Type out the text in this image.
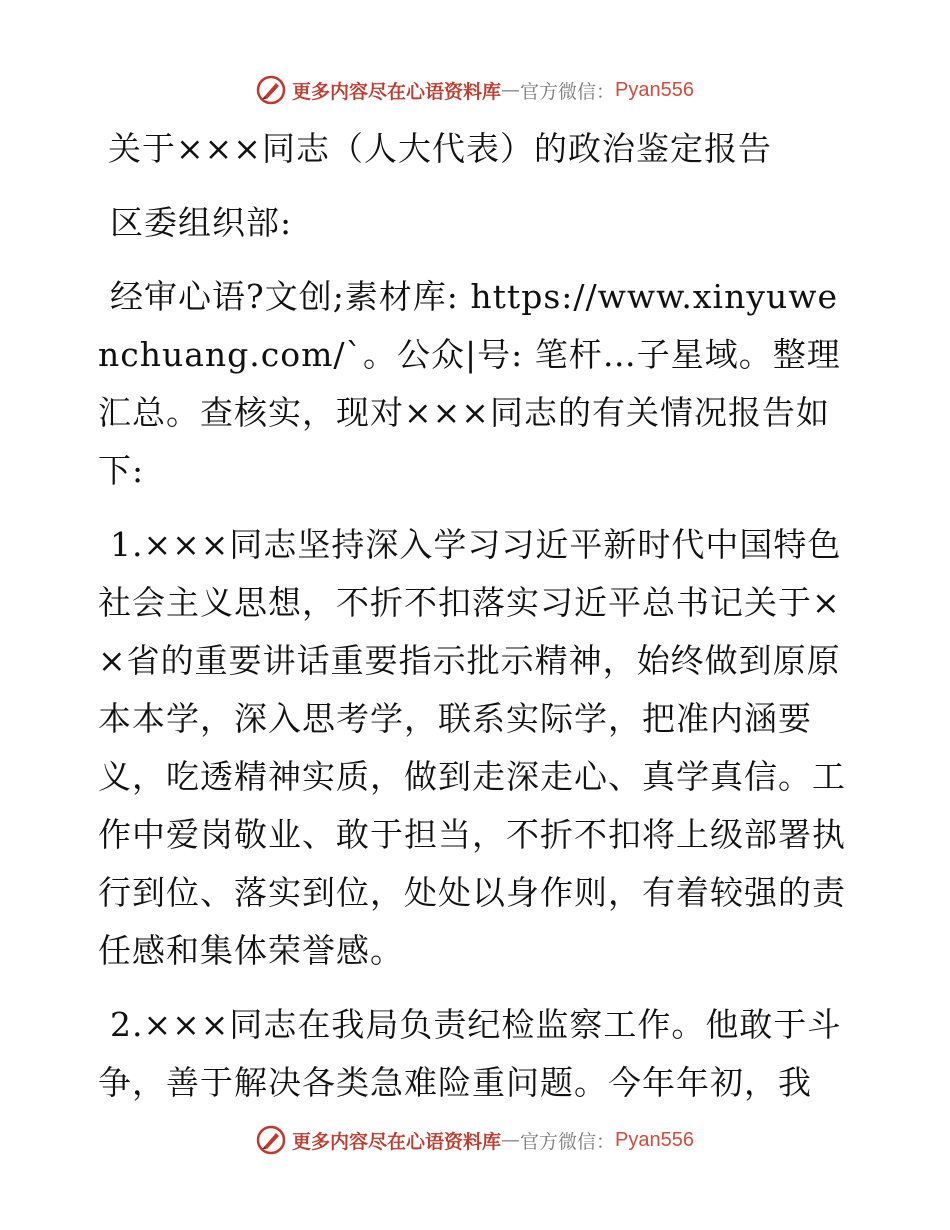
更多内容尽在心语资料库 — 官方微信： Pyan556
关于×××同志（人大代表）的政治鉴定报告
区委组织部:
经审心语?文创;素材库: https://www.xinyuwenchuang.com/`。公众|号: 笔杆…子星域。整理汇总。查核实，现对×××同志的有关情况报告如下:
1.×××同志坚持深入学习习近平新时代中国特色社会主义思想，不折不扣落实习近平总书记关于××省的重要讲话重要指示批示精神，始终做到原原本本学，深入思考学，联系实际学，把准内涵要义，吃透精神实质，做到走深走心、真学真信。工作中爱岗敬业、敢于担当，不折不扣将上级部署执行到位、落实到位，处处以身作则，有着较强的责任感和集体荣誉感。
2.×××同志在我局负责纪检监察工作。他敢于斗争，善于解决各类急难险重问题。今年年初，我
更多内容尽在心语资料库 — 官方微信： Pyan556
